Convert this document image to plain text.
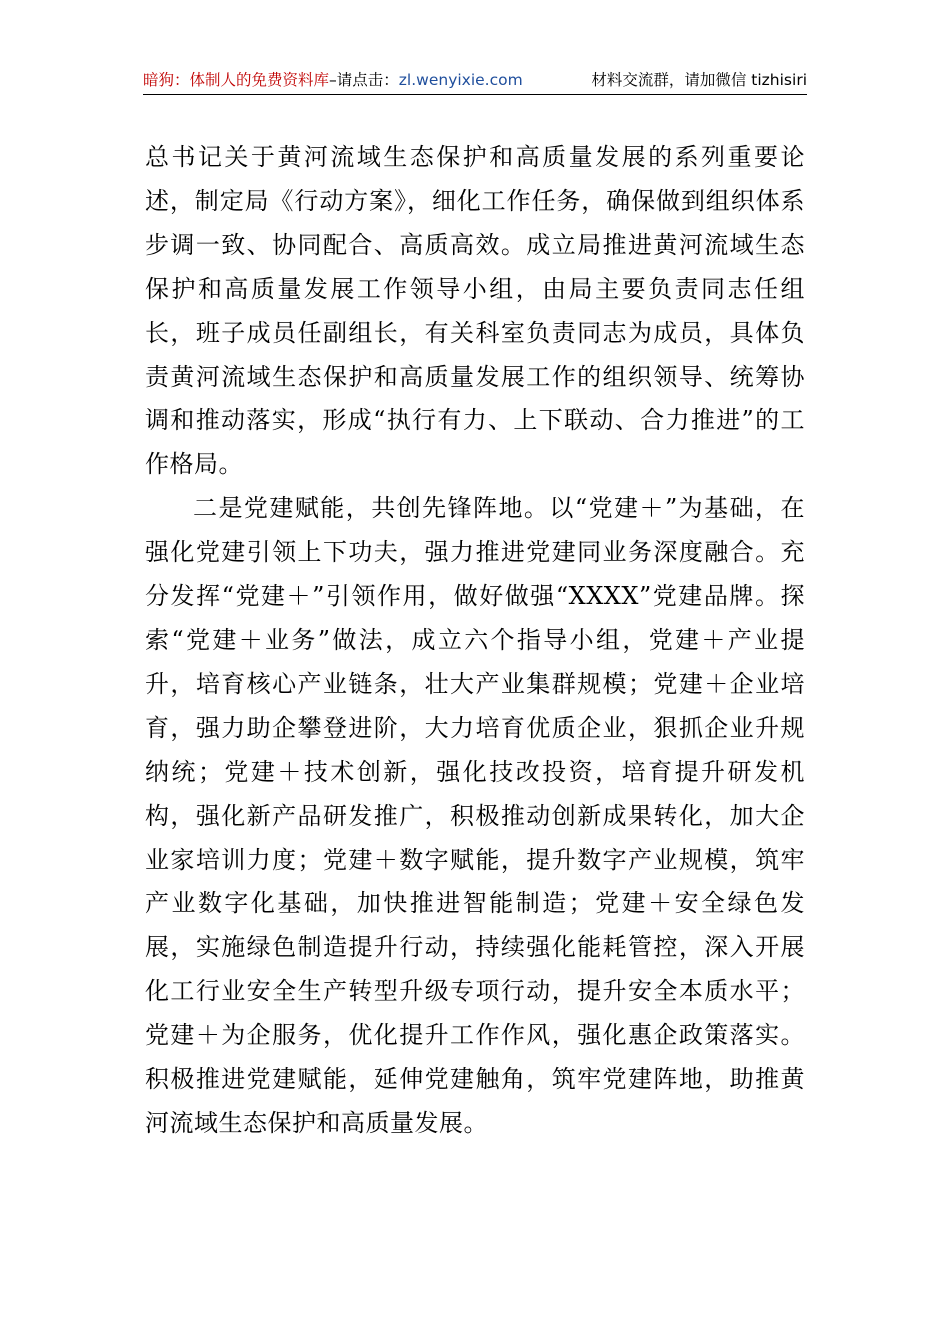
暗狗：体制人的免费资料库–请点击：zl.wenyixie.com	材料交流群，请加微信 tizhisiri

总书记关于黄河流域生态保护和高质量发展的系列重要论述，制定局《行动方案》，细化工作任务，确保做到组织体系步调一致、协同配合、高质高效。成立局推进黄河流域生态保护和高质量发展工作领导小组，由局主要负责同志任组长，班子成员任副组长，有关科室负责同志为成员，具体负责黄河流域生态保护和高质量发展工作的组织领导、统筹协调和推动落实，形成“执行有力、上下联动、合力推进”的工作格局。

二是党建赋能，共创先锋阵地。以“党建＋”为基础，在强化党建引领上下功夫，强力推进党建同业务深度融合。充分发挥“党建＋”引领作用，做好做强“XXXX”党建品牌。探索“党建＋业务”做法，成立六个指导小组，党建＋产业提升，培育核心产业链条，壮大产业集群规模；党建＋企业培育，强力助企攀登进阶，大力培育优质企业，狠抓企业升规纳统；党建＋技术创新，强化技改投资，培育提升研发机构，强化新产品研发推广，积极推动创新成果转化，加大企业家培训力度；党建＋数字赋能，提升数字产业规模，筑牢产业数字化基础，加快推进智能制造；党建＋安全绿色发展，实施绿色制造提升行动，持续强化能耗管控，深入开展化工行业安全生产转型升级专项行动，提升安全本质水平；党建＋为企服务，优化提升工作作风，强化惠企政策落实。积极推进党建赋能，延伸党建触角，筑牢党建阵地，助推黄河流域生态保护和高质量发展。
